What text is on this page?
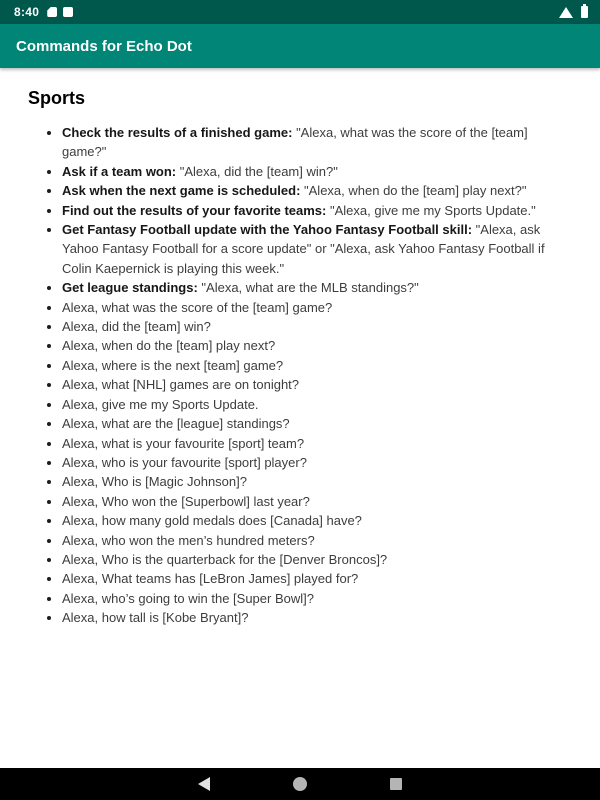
8:40
Commands for Echo Dot
Sports
• Check the results of a finished game: "Alexa, what was the score of the [team] game?"
• Ask if a team won: "Alexa, did the [team] win?"
• Ask when the next game is scheduled: "Alexa, when do the [team] play next?"
• Find out the results of your favorite teams: "Alexa, give me my Sports Update."
• Get Fantasy Football update with the Yahoo Fantasy Football skill: "Alexa, ask Yahoo Fantasy Football for a score update" or "Alexa, ask Yahoo Fantasy Football if Colin Kaepernick is playing this week."
• Get league standings: "Alexa, what are the MLB standings?"
• Alexa, what was the score of the [team] game?
• Alexa, did the [team] win?
• Alexa, when do the [team] play next?
• Alexa, where is the next [team] game?
• Alexa, what [NHL] games are on tonight?
• Alexa, give me my Sports Update.
• Alexa, what are the [league] standings?
• Alexa, what is your favourite [sport] team?
• Alexa, who is your favourite [sport] player?
• Alexa, Who is [Magic Johnson]?
• Alexa, Who won the [Superbowl] last year?
• Alexa, how many gold medals does [Canada] have?
• Alexa, who won the men’s hundred meters?
• Alexa, Who is the quarterback for the [Denver Broncos]?
• Alexa, What teams has [LeBron James] played for?
• Alexa, who’s going to win the [Super Bowl]?
• Alexa, how tall is [Kobe Bryant]?
